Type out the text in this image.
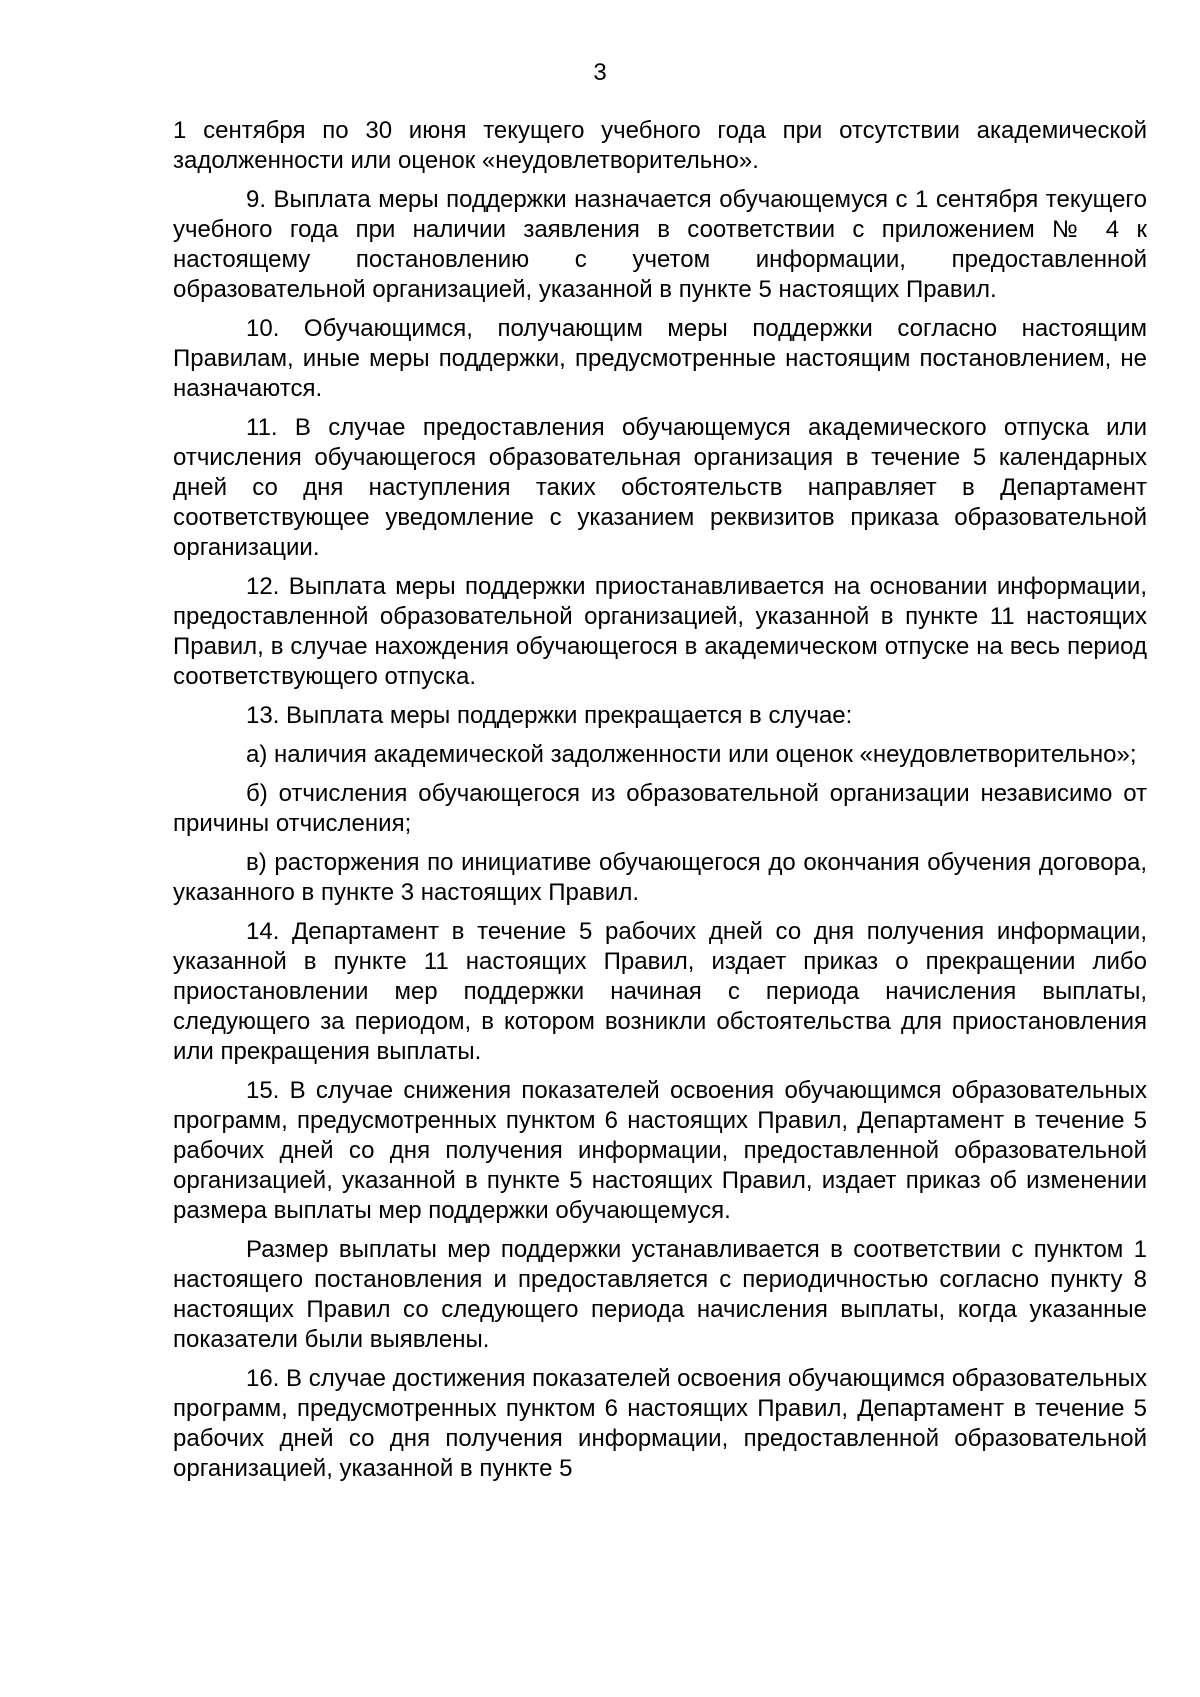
3

1 сентября по 30 июня текущего учебного года при отсутствии академической задолженности или оценок «неудовлетворительно».

9. Выплата меры поддержки назначается обучающемуся с 1 сентября текущего учебного года при наличии заявления в соответствии с приложением № 4 к настоящему постановлению с учетом информации, предоставленной образовательной организацией, указанной в пункте 5 настоящих Правил.

10. Обучающимся, получающим меры поддержки согласно настоящим Правилам, иные меры поддержки, предусмотренные настоящим постановлением, не назначаются.

11. В случае предоставления обучающемуся академического отпуска или отчисления обучающегося образовательная организация в течение 5 календарных дней со дня наступления таких обстоятельств направляет в Департамент соответствующее уведомление с указанием реквизитов приказа образовательной организации.

12. Выплата меры поддержки приостанавливается на основании информации, предоставленной образовательной организацией, указанной в пункте 11 настоящих Правил, в случае нахождения обучающегося в академическом отпуске на весь период соответствующего отпуска.

13. Выплата меры поддержки прекращается в случае:

а) наличия академической задолженности или оценок «неудовлетворительно»;

б) отчисления обучающегося из образовательной организации независимо от причины отчисления;

в) расторжения по инициативе обучающегося до окончания обучения договора, указанного в пункте 3 настоящих Правил.

14. Департамент в течение 5 рабочих дней со дня получения информации, указанной в пункте 11 настоящих Правил, издает приказ о прекращении либо приостановлении мер поддержки начиная с периода начисления выплаты, следующего за периодом, в котором возникли обстоятельства для приостановления или прекращения выплаты.

15. В случае снижения показателей освоения обучающимся образовательных программ, предусмотренных пунктом 6 настоящих Правил, Департамент в течение 5 рабочих дней со дня получения информации, предоставленной образовательной организацией, указанной в пункте 5 настоящих Правил, издает приказ об изменении размера выплаты мер поддержки обучающемуся.

Размер выплаты мер поддержки устанавливается в соответствии с пунктом 1 настоящего постановления и предоставляется с периодичностью согласно пункту 8 настоящих Правил со следующего периода начисления выплаты, когда указанные показатели были выявлены.

16. В случае достижения показателей освоения обучающимся образовательных программ, предусмотренных пунктом 6 настоящих Правил, Департамент в течение 5 рабочих дней со дня получения информации, предоставленной образовательной организацией, указанной в пункте 5
